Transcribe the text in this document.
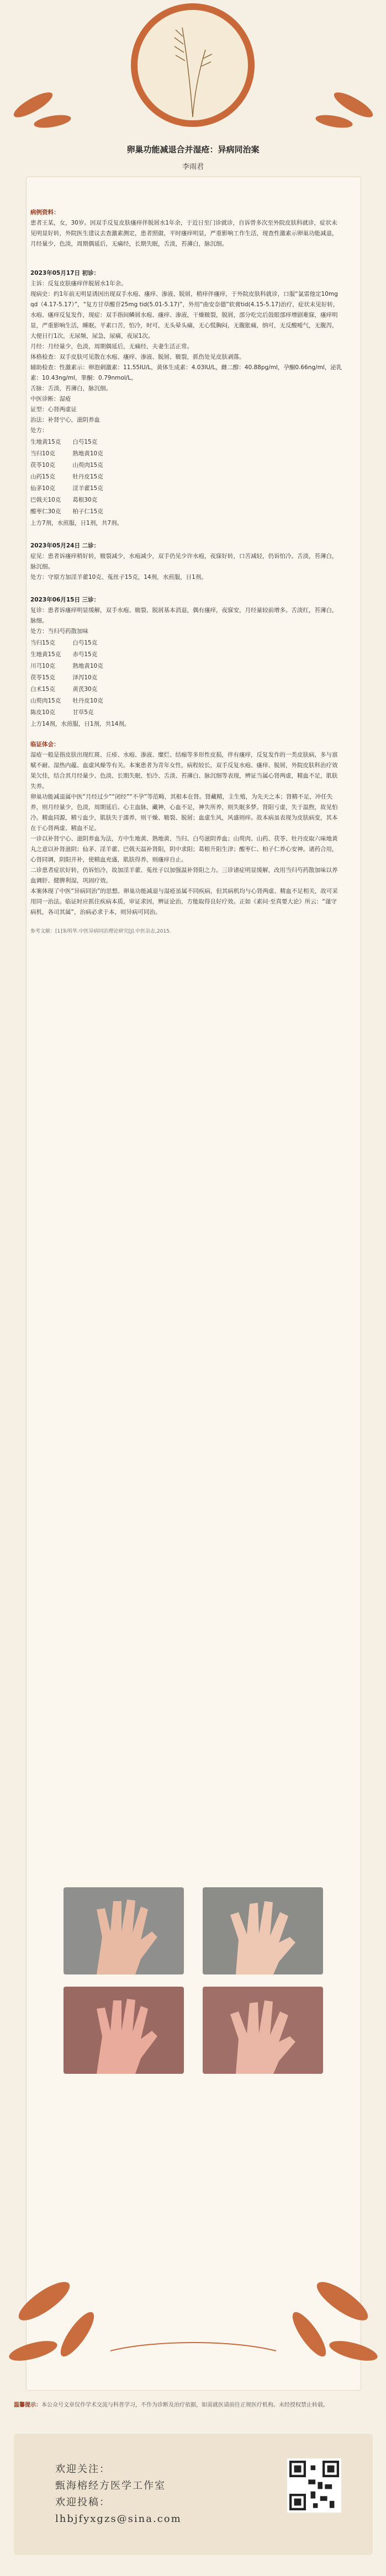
卵巢功能减退合并湿疮：异病同治案

李雨君

病例资料：

患者王某，女，30岁。因双手反复皮肤瘙痒伴脱屑水1年余，于近日至门诊就诊，自诉曾多次至外院皮肤科就诊，症状未见明显好转，外院医生建议去查激素测定，患者照做，平时瘙痒明显，严重影响工作生活，现查性激素示卵巢功能减退，月经量少，色淡，周期偶延后，无痛经，长期失眠，舌淡，苔薄白，脉沉细。

2023年05月17日 初诊：

主诉：反复皮肤瘙痒伴脱屑水1年余。

现病史：约1年前无明显诱因出现双手水疱、瘙痒、渗液、脱屑，稍痒伴瘙痒，于外院皮肤科就诊，口服“氯雷他定10mg qd（4.17-5.17）”，“复方甘草酸苷25mg tid(5.01-5.17)”，外用“曲安奈德”软膏tid(4.15-5.17)治疗，症状未见好转，水疱、瘙痒反复发作，现症：双手指间鳞屑水疱、瘙痒、渗液，干燥皲裂，脱屑，部分吃完后鼓眼部痒增剧难寐，瘙痒明显，严重影响生活，睡眠。平素口苦，怕冷，时可，无头晕头痛，无心慌胸闷，无腹胀痛，纳可，无反酸嗳气，无腹泻，大便日行1次，无尿频，尿急，尿痛，夜尿1次。

月经：月经量少，色淡，周期偶延后，无痛经，夫妻生活正常。

体格检查：双手皮肤可见散在水疱、瘙痒、渗液、脱屑、皲裂，抓伤处见皮肤剥落。

辅助检查：性激素示：卵泡刺激素：11.55IU/L，黄体生成素：4.03IU/L，雌二醇：40.88pg/ml，孕酮0.66ng/ml，泌乳素：10.43ng/ml，睾酮：0.79nmol/L。

舌脉：舌淡，苔薄白，脉沉细。

中医诊断：湿疮

证型：心肾两虚证

治法：补肾宁心，滋阴养血

处方：

生地黄15克　　白芍15克

当归10克　　　熟地黄10克

茯苓10克　　　山萸肉15克

山药15克　　　牡丹皮15克

仙茅10克　　　淫羊藿15克

巴戟天10克　　葛根30克

酸枣仁30克　　柏子仁15克

上方7剂，水煎服，日1剂，共7剂。

2023年05月24日 二诊：

症见：患者诉瘙痒稍好转，皲裂减少，水疱减少，双手仍见少许水疱，夜寐好转，口苦减轻，仍诉怕冷。舌淡，苔薄白，脉沉细。

处方：守原方加淫羊藿10克、菟丝子15克，14剂，水煎服，日1剂。

2023年06月15日 三诊：

复诊：患者诉瘙痒明显缓解，双手水疱、皲裂、脱屑基本消退，偶有瘙痒，夜寐安，月经量较前增多。舌淡红，苔薄白，脉细。

处方：当归芍药散加味

当归15克　　　白芍15克

生地黄15克　　赤芍15克

川芎10克　　　熟地黄10克

茯苓15克　　　泽泻10克

白术15克　　　黄芪30克

山萸肉15克　　牡丹皮10克

陈皮10克　　　甘草5克

上方14剂，水煎服，日1剂，共14剂。

临证体会：

湿疮一般是指皮肤出现红斑、丘疹、水疱、渗液、糜烂、结痂等多形性皮损，伴有瘙痒，反复发作的一类皮肤病，多与禀赋不耐、湿热内蕴、血虚风燥等有关。本案患者为青年女性，病程较长，双手反复水疱、瘙痒、脱屑，外院皮肤科治疗效果欠佳，结合其月经量少、色淡、长期失眠、怕冷、舌淡、苔薄白、脉沉细等表现，辨证当属心肾两虚，精血不足，肌肤失养。

卵巢功能减退属中医“月经过少”“闭经”“不孕”等范畴，其根本在肾。肾藏精，主生殖，为先天之本；肾精不足，冲任失养，则月经量少，色淡，周期延后。心主血脉，藏神，心血不足，神失所养，则失眠多梦。肾阳亏虚，失于温煦，故见怕冷。精血同源，精亏血少，肌肤失于濡养，则干燥、皲裂、脱屑；血虚生风，风盛则痒。故本病虽表现为皮肤病变，其本在于心肾两虚、精血不足。

一诊以补肾宁心、滋阴养血为法，方中生地黄、熟地黄、当归、白芍滋阴养血；山萸肉、山药、茯苓、牡丹皮取六味地黄丸之意以补肾滋阴；仙茅、淫羊藿、巴戟天温补肾阳，阴中求阳；葛根升阳生津；酸枣仁、柏子仁养心安神。诸药合用，心肾同调，阴阳并补，使精血充盛，肌肤得养，则瘙痒自止。

二诊患者症状好转，仍诉怕冷，故加淫羊藿、菟丝子以加强温补肾阳之力。三诊诸症明显缓解，改用当归芍药散加味以养血调肝、健脾利湿，巩固疗效。

本案体现了中医“异病同治”的思想。卵巢功能减退与湿疮虽属不同疾病，但其病机均与心肾两虚、精血不足相关，故可采用同一治法。临证时应抓住疾病本质，审证求因，辨证论治，方能取得良好疗效。正如《素问·至真要大论》所云：“谨守病机，各司其属”，治病必求于本，则异病可同治。

参考文献：[1]朱明华.中医异病同治理论研究[J].中医杂志,2015.

温馨提示：本公众号文章仅作学术交流与科普学习，不作为诊断及治疗依据，如需就医请前往正规医疗机构。未经授权禁止转载。
欢迎关注：
甄海榕经方医学工作室
欢迎投稿：
lhbjfyxgzs@sina.com
